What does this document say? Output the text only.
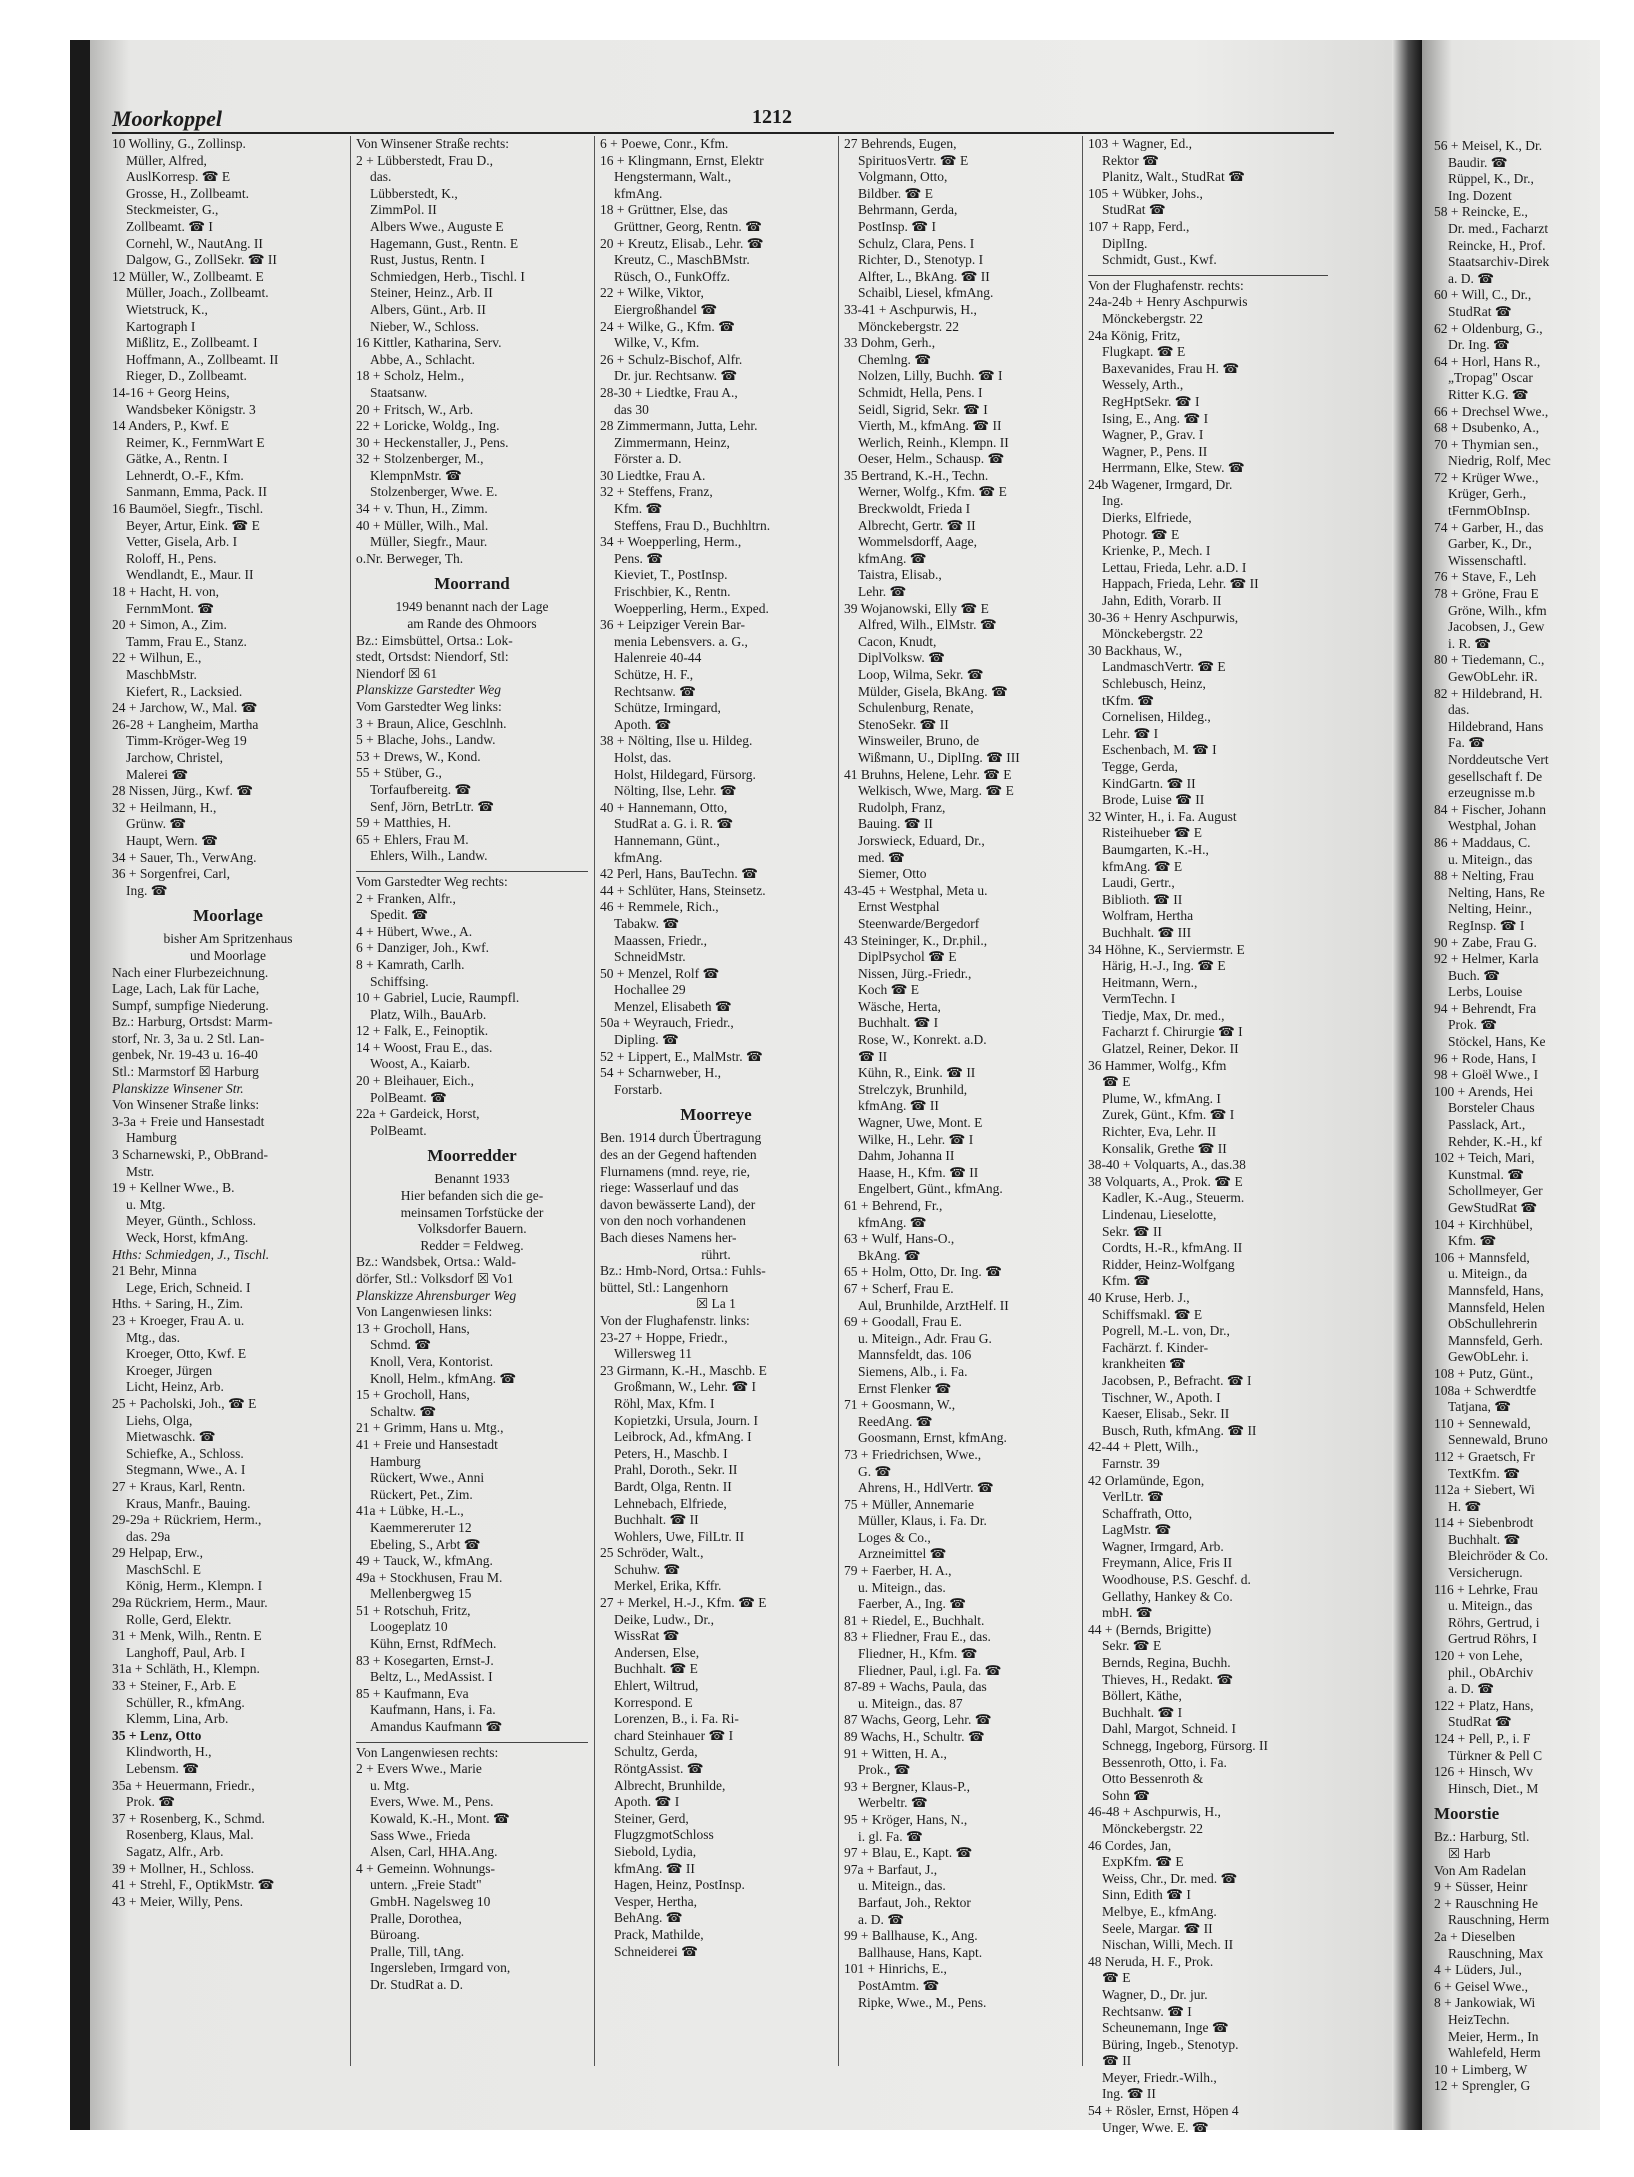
Moorkoppel	1212
10 Wolliny, G., Zollinsp.
Müller, Alfred,
AuslKorresp. ☎ E
Grosse, H., Zollbeamt.
Steckmeister, G.,
Zollbeamt. ☎ I
Cornehl, W., NautAng. II
Dalgow, G., ZollSekr. ☎ II
12 Müller, W., Zollbeamt. E
Müller, Joach., Zollbeamt.
Wietstruck, K.,
Kartograph I
Mißlitz, E., Zollbeamt. I
Hoffmann, A., Zollbeamt. II
Rieger, D., Zollbeamt.
14-16 + Georg Heins,
Wandsbeker Königstr. 3
14 Anders, P., Kwf. E
Reimer, K., FernmWart E
Gätke, A., Rentn. I
Lehnerdt, O.-F., Kfm.
Sanmann, Emma, Pack. II
16 Baumöel, Siegfr., Tischl.
Beyer, Artur, Eink. ☎ E
Vetter, Gisela, Arb. I
Roloff, H., Pens.
Wendlandt, E., Maur. II
18 + Hacht, H. von,
FernmMont. ☎
20 + Simon, A., Zim.
Tamm, Frau E., Stanz.
22 + Wilhun, E.,
MaschbMstr.
Kiefert, R., Lacksied.
24 + Jarchow, W., Mal. ☎
26-28 + Langheim, Martha
Timm-Kröger-Weg 19
Jarchow, Christel,
Malerei ☎
28 Nissen, Jürg., Kwf. ☎
32 + Heilmann, H.,
Grünw. ☎
Haupt, Wern. ☎
34 + Sauer, Th., VerwAng.
36 + Sorgenfrei, Carl,
Ing. ☎
Moorlage
bisher Am Spritzenhaus
und Moorlage
Nach einer Flurbezeichnung.
Lage, Lach, Lak für Lache,
Sumpf, sumpfige Niederung.
Bz.: Harburg, Ortsdst: Marm-
storf, Nr. 3, 3a u. 2 Stl. Lan-
genbek, Nr. 19-43 u. 16-40
Stl.: Marmstorf ☒ Harburg
Planskizze Winsener Str.
Von Winsener Straße links:
3-3a + Freie und Hansestadt
Hamburg
3 Scharnewski, P., ObBrand-
Mstr.
19 + Kellner Wwe., B.
u. Mtg.
Meyer, Günth., Schloss.
Weck, Horst, kfmAng.
Hths: Schmiedgen, J., Tischl.
21 Behr, Minna
Lege, Erich, Schneid. I
Hths. + Saring, H., Zim.
23 + Kroeger, Frau A. u.
Mtg., das.
Kroeger, Otto, Kwf. E
Kroeger, Jürgen
Licht, Heinz, Arb.
25 + Pacholski, Joh., ☎ E
Liehs, Olga,
Mietwaschk. ☎
Schiefke, A., Schloss.
Stegmann, Wwe., A. I
27 + Kraus, Karl, Rentn.
Kraus, Manfr., Bauing.
29-29a + Rückriem, Herm.,
das. 29a
29 Helpap, Erw.,
MaschSchl. E
König, Herm., Klempn. I
29a Rückriem, Herm., Maur.
Rolle, Gerd, Elektr.
31 + Menk, Wilh., Rentn. E
Langhoff, Paul, Arb. I
31a + Schläth, H., Klempn.
33 + Steiner, F., Arb. E
Schüller, R., kfmAng.
Klemm, Lina, Arb.
35 + Lenz, Otto
Klindworth, H.,
Lebensm. ☎
35a + Heuermann, Friedr.,
Prok. ☎
37 + Rosenberg, K., Schmd.
Rosenberg, Klaus, Mal.
Sagatz, Alfr., Arb.
39 + Mollner, H., Schloss.
41 + Strehl, F., OptikMstr. ☎
43 + Meier, Willy, Pens.
Von Winsener Straße rechts:
2 + Lübberstedt, Frau D.,
das.
Lübberstedt, K.,
ZimmPol. II
Albers Wwe., Auguste E
Hagemann, Gust., Rentn. E
Rust, Justus, Rentn. I
Schmiedgen, Herb., Tischl. I
Steiner, Heinz., Arb. II
Albers, Günt., Arb. II
Nieber, W., Schloss.
16 Kittler, Katharina, Serv.
Abbe, A., Schlacht.
18 + Scholz, Helm.,
Staatsanw.
20 + Fritsch, W., Arb.
22 + Loricke, Woldg., Ing.
30 + Heckenstaller, J., Pens.
32 + Stolzenberger, M.,
KlempnMstr. ☎
Stolzenberger, Wwe. E.
34 + v. Thun, H., Zimm.
40 + Müller, Wilh., Mal.
Müller, Siegfr., Maur.
o.Nr. Berweger, Th.
Moorrand
1949 benannt nach der Lage
am Rande des Ohmoors
Bz.: Eimsbüttel, Ortsa.: Lok-
stedt, Ortsdst: Niendorf, Stl:
Niendorf ☒ 61
Planskizze Garstedter Weg
Vom Garstedter Weg links:
3 + Braun, Alice, Geschlnh.
5 + Blache, Johs., Landw.
53 + Drews, W., Kond.
55 + Stüber, G.,
Torfaufbereitg. ☎
Senf, Jörn, BetrLtr. ☎
59 + Matthies, H.
65 + Ehlers, Frau M.
Ehlers, Wilh., Landw.
Vom Garstedter Weg rechts:
2 + Franken, Alfr.,
Spedit. ☎
4 + Hübert, Wwe., A.
6 + Danziger, Joh., Kwf.
8 + Kamrath, Carlh.
Schiffsing.
10 + Gabriel, Lucie, Raumpfl.
Platz, Wilh., BauArb.
12 + Falk, E., Feinoptik.
14 + Woost, Frau E., das.
Woost, A., Kaiarb.
20 + Bleihauer, Eich.,
PolBeamt. ☎
22a + Gardeick, Horst,
PolBeamt.
Moorredder
Benannt 1933
Hier befanden sich die ge-
meinsamen Torfstücke der
Volksdorfer Bauern.
Redder = Feldweg.
Bz.: Wandsbek, Ortsa.: Wald-
dörfer, Stl.: Volksdorf ☒ Vo1
Planskizze Ahrensburger Weg
Von Langenwiesen links:
13 + Grocholl, Hans,
Schmd. ☎
Knoll, Vera, Kontorist.
Knoll, Helm., kfmAng. ☎
15 + Grocholl, Hans,
Schaltw. ☎
21 + Grimm, Hans u. Mtg.,
41 + Freie und Hansestadt
Hamburg
Rückert, Wwe., Anni
Rückert, Pet., Zim.
41a + Lübke, H.-L.,
Kaemmereruter 12
Ebeling, S., Arbt ☎
49 + Tauck, W., kfmAng.
49a + Stockhusen, Frau M.
Mellenbergweg 15
51 + Rotschuh, Fritz,
Loogeplatz 10
Kühn, Ernst, RdfMech.
83 + Kosegarten, Ernst-J.
Beltz, L., MedAssist. I
85 + Kaufmann, Eva
Kaufmann, Hans, i. Fa.
Amandus Kaufmann ☎
Von Langenwiesen rechts:
2 + Evers Wwe., Marie
u. Mtg.
Evers, Wwe. M., Pens.
Kowald, K.-H., Mont. ☎
Sass Wwe., Frieda
Alsen, Carl, HHA.Ang.
4 + Gemeinn. Wohnungs-
untern. „Freie Stadt"
GmbH. Nagelsweg 10
Pralle, Dorothea,
Büroang.
Pralle, Till, tAng.
Ingersleben, Irmgard von,
Dr. StudRat a. D.
6 + Poewe, Conr., Kfm.
16 + Klingmann, Ernst, Elektr
Hengstermann, Walt.,
kfmAng.
18 + Grüttner, Else, das
Grüttner, Georg, Rentn. ☎
20 + Kreutz, Elisab., Lehr. ☎
Kreutz, C., MaschBMstr.
Rüsch, O., FunkOffz.
22 + Wilke, Viktor,
Eiergroßhandel ☎
24 + Wilke, G., Kfm. ☎
Wilke, V., Kfm.
26 + Schulz-Bischof, Alfr.
Dr. jur. Rechtsanw. ☎
28-30 + Liedtke, Frau A.,
das 30
28 Zimmermann, Jutta, Lehr.
Zimmermann, Heinz,
Förster a. D.
30 Liedtke, Frau A.
32 + Steffens, Franz,
Kfm. ☎
Steffens, Frau D., Buchhltrn.
34 + Woepperling, Herm.,
Pens. ☎
Kieviet, T., PostInsp.
Frischbier, K., Rentn.
Woepperling, Herm., Exped.
36 + Leipziger Verein Bar-
menia Lebensvers. a. G.,
Halenreie 40-44
Schütze, H. F.,
Rechtsanw. ☎
Schütze, Irmingard,
Apoth. ☎
38 + Nölting, Ilse u. Hildeg.
Holst, das.
Holst, Hildegard, Fürsorg.
Nölting, Ilse, Lehr. ☎
40 + Hannemann, Otto,
StudRat a. G. i. R. ☎
Hannemann, Günt.,
kfmAng.
42 Perl, Hans, BauTechn. ☎
44 + Schlüter, Hans, Steinsetz.
46 + Remmele, Rich.,
Tabakw. ☎
Maassen, Friedr.,
SchneidMstr.
50 + Menzel, Rolf ☎
Hochallee 29
Menzel, Elisabeth ☎
50a + Weyrauch, Friedr.,
Dipling. ☎
52 + Lippert, E., MalMstr. ☎
54 + Scharnweber, H.,
Forstarb.
Moorreye
Ben. 1914 durch Übertragung
des an der Gegend haftenden
Flurnamens (mnd. reye, rie,
riege: Wasserlauf und das
davon bewässerte Land), der
von den noch vorhandenen
Bach dieses Namens her-
rührt.
Bz.: Hmb-Nord, Ortsa.: Fuhls-
büttel, Stl.: Langenhorn
☒ La 1
Von der Flughafenstr. links:
23-27 + Hoppe, Friedr.,
Willersweg 11
23 Girmann, K.-H., Maschb. E
Großmann, W., Lehr. ☎ I
Röhl, Max, Kfm. I
Kopietzki, Ursula, Journ. I
Leibrock, Ad., kfmAng. I
Peters, H., Maschb. I
Prahl, Doroth., Sekr. II
Bardt, Olga, Rentn. II
Lehnebach, Elfriede,
Buchhalt. ☎ II
Wohlers, Uwe, FilLtr. II
25 Schröder, Walt.,
Schuhw. ☎
Merkel, Erika, Kffr.
27 + Merkel, H.-J., Kfm. ☎ E
Deike, Ludw., Dr.,
WissRat ☎
Andersen, Else,
Buchhalt. ☎ E
Ehlert, Wiltrud,
Korrespond. E
Lorenzen, B., i. Fa. Ri-
chard Steinhauer ☎ I
Schultz, Gerda,
RöntgAssist. ☎
Albrecht, Brunhilde,
Apoth. ☎ I
Steiner, Gerd,
FlugzgmotSchloss
Siebold, Lydia,
kfmAng. ☎ II
Hagen, Heinz, PostInsp.
Vesper, Hertha,
BehAng. ☎
Prack, Mathilde,
Schneiderei ☎
27 Behrends, Eugen,
SpirituosVertr. ☎ E
Volgmann, Otto,
Bildber. ☎ E
Behrmann, Gerda,
PostInsp. ☎ I
Schulz, Clara, Pens. I
Richter, D., Stenotyp. I
Alfter, L., BkAng. ☎ II
Schaibl, Liesel, kfmAng.
33-41 + Aschpurwis, H.,
Mönckebergstr. 22
33 Dohm, Gerh.,
Chemlng. ☎
Nolzen, Lilly, Buchh. ☎ I
Schmidt, Hella, Pens. I
Seidl, Sigrid, Sekr. ☎ I
Vierth, M., kfmAng. ☎ II
Werlich, Reinh., Klempn. II
Oeser, Helm., Schausp. ☎
35 Bertrand, K.-H., Techn.
Werner, Wolfg., Kfm. ☎ E
Breckwoldt, Frieda I
Albrecht, Gertr. ☎ II
Wommelsdorff, Aage,
kfmAng. ☎
Taistra, Elisab.,
Lehr. ☎
39 Wojanowski, Elly ☎ E
Alfred, Wilh., ElMstr. ☎
Cacon, Knudt,
DiplVolksw. ☎
Loop, Wilma, Sekr. ☎
Mülder, Gisela, BkAng. ☎
Schulenburg, Renate,
StenoSekr. ☎ II
Winsweiler, Bruno, de
Wißmann, U., DiplIng. ☎ III
41 Bruhns, Helene, Lehr. ☎ E
Welkisch, Wwe, Marg. ☎ E
Rudolph, Franz,
Bauing. ☎ II
Jorswieck, Eduard, Dr.,
med. ☎
Siemer, Otto
43-45 + Westphal, Meta u.
Ernst Westphal
Steenwarde/Bergedorf
43 Steininger, K., Dr.phil.,
DiplPsychol ☎ E
Nissen, Jürg.-Friedr.,
Koch ☎ E
Wäsche, Herta,
Buchhalt. ☎ I
Rose, W., Konrekt. a.D.
☎ II
Kühn, R., Eink. ☎ II
Strelczyk, Brunhild,
kfmAng. ☎ II
Wagner, Uwe, Mont. E
Wilke, H., Lehr. ☎ I
Dahm, Johanna II
Haase, H., Kfm. ☎ II
Engelbert, Günt., kfmAng.
61 + Behrend, Fr.,
kfmAng. ☎
63 + Wulf, Hans-O.,
BkAng. ☎
65 + Holm, Otto, Dr. Ing. ☎
67 + Scherf, Frau E.
Aul, Brunhilde, ArztHelf. II
69 + Goodall, Frau E.
u. Miteign., Adr. Frau G.
Mannsfeldt, das. 106
Siemens, Alb., i. Fa.
Ernst Flenker ☎
71 + Goosmann, W.,
ReedAng. ☎
Goosmann, Ernst, kfmAng.
73 + Friedrichsen, Wwe.,
G. ☎
Ahrens, H., HdlVertr. ☎
75 + Müller, Annemarie
Müller, Klaus, i. Fa. Dr.
Loges & Co.,
Arzneimittel ☎
79 + Faerber, H. A.,
u. Miteign., das.
Faerber, A., Ing. ☎
81 + Riedel, E., Buchhalt.
83 + Fliedner, Frau E., das.
Fliedner, H., Kfm. ☎
Fliedner, Paul, i.gl. Fa. ☎
87-89 + Wachs, Paula, das
u. Miteign., das. 87
87 Wachs, Georg, Lehr. ☎
89 Wachs, H., Schultr. ☎
91 + Witten, H. A.,
Prok., ☎
93 + Bergner, Klaus-P.,
Werbeltr. ☎
95 + Kröger, Hans, N.,
i. gl. Fa. ☎
97 + Blau, E., Kapt. ☎
97a + Barfaut, J.,
u. Miteign., das.
Barfaut, Joh., Rektor
a. D. ☎
99 + Ballhause, K., Ang.
Ballhause, Hans, Kapt.
101 + Hinrichs, E.,
PostAmtm. ☎
Ripke, Wwe., M., Pens.
103 + Wagner, Ed.,
Rektor ☎
Planitz, Walt., StudRat ☎
105 + Wübker, Johs.,
StudRat ☎
107 + Rapp, Ferd.,
DiplIng.
Schmidt, Gust., Kwf.
Von der Flughafenstr. rechts:
24a-24b + Henry Aschpurwis
Mönckebergstr. 22
24a König, Fritz,
Flugkapt. ☎ E
Baxevanides, Frau H. ☎
Wessely, Arth.,
RegHptSekr. ☎ I
Ising, E., Ang. ☎ I
Wagner, P., Grav. I
Wagner, P., Pens. II
Herrmann, Elke, Stew. ☎
24b Wagener, Irmgard, Dr.
Ing.
Dierks, Elfriede,
Photogr. ☎ E
Krienke, P., Mech. I
Lettau, Frieda, Lehr. a.D. I
Happach, Frieda, Lehr. ☎ II
Jahn, Edith, Vorarb. II
30-36 + Henry Aschpurwis,
Mönckebergstr. 22
30 Backhaus, W.,
LandmaschVertr. ☎ E
Schlebusch, Heinz,
tKfm. ☎
Cornelisen, Hildeg.,
Lehr. ☎ I
Eschenbach, M. ☎ I
Tegge, Gerda,
KindGartn. ☎ II
Brode, Luise ☎ II
32 Winter, H., i. Fa. August
Risteihueber ☎ E
Baumgarten, K.-H.,
kfmAng. ☎ E
Laudi, Gertr.,
Biblioth. ☎ II
Wolfram, Hertha
Buchhalt. ☎ III
34 Höhne, K., Serviermstr. E
Härig, H.-J., Ing. ☎ E
Heitmann, Wern.,
VermTechn. I
Tiedje, Max, Dr. med.,
Facharzt f. Chirurgie ☎ I
Glatzel, Reiner, Dekor. II
36 Hammer, Wolfg., Kfm
☎ E
Plume, W., kfmAng. I
Zurek, Günt., Kfm. ☎ I
Richter, Eva, Lehr. II
Konsalik, Grethe ☎ II
38-40 + Volquarts, A., das.38
38 Volquarts, A., Prok. ☎ E
Kadler, K.-Aug., Steuerm.
Lindenau, Lieselotte,
Sekr. ☎ II
Cordts, H.-R., kfmAng. II
Ridder, Heinz-Wolfgang
Kfm. ☎
40 Kruse, Herb. J.,
Schiffsmakl. ☎ E
Pogrell, M.-L. von, Dr.,
Fachärzt. f. Kinder-
krankheiten ☎
Jacobsen, P., Befracht. ☎ I
Tischner, W., Apoth. I
Kaeser, Elisab., Sekr. II
Busch, Ruth, kfmAng. ☎ II
42-44 + Plett, Wilh.,
Farnstr. 39
42 Orlamünde, Egon,
VerlLtr. ☎
Schaffrath, Otto,
LagMstr. ☎
Wagner, Irmgard, Arb.
Freymann, Alice, Fris II
Woodhouse, P.S. Geschf. d.
Gellathy, Hankey & Co.
mbH. ☎
44 + (Bernds, Brigitte)
Sekr. ☎ E
Bernds, Regina, Buchh.
Thieves, H., Redakt. ☎
Böllert, Käthe,
Buchhalt. ☎ I
Dahl, Margot, Schneid. I
Schnegg, Ingeborg, Fürsorg. II
Bessenroth, Otto, i. Fa.
Otto Bessenroth &
Sohn ☎
46-48 + Aschpurwis, H.,
Mönckebergstr. 22
46 Cordes, Jan,
ExpKfm. ☎ E
Weiss, Chr., Dr. med. ☎
Sinn, Edith ☎ I
Melbye, E., kfmAng.
Seele, Margar. ☎ II
Nischan, Willi, Mech. II
48 Neruda, H. F., Prok.
☎ E
Wagner, D., Dr. jur.
Rechtsanw. ☎ I
Scheunemann, Inge ☎
Büring, Ingeb., Stenotyp.
☎ II
Meyer, Friedr.-Wilh.,
Ing. ☎ II
54 + Rösler, Ernst, Höpen 4
Unger, Wwe. E. ☎
56 + Meisel, K., Dr.
Baudir. ☎
Rüppel, K., Dr.,
Ing. Dozent
58 + Reincke, E.,
Dr. med., Facharzt
Reincke, H., Prof.
Staatsarchiv-Direk
a. D. ☎
60 + Will, C., Dr.,
StudRat ☎
62 + Oldenburg, G.,
Dr. Ing. ☎
64 + Horl, Hans R.,
„Tropag" Oscar
Ritter K.G. ☎
66 + Drechsel Wwe.,
68 + Dsubenko, A.,
70 + Thymian sen.,
Niedrig, Rolf, Mec
72 + Krüger Wwe.,
Krüger, Gerh.,
tFernmObInsp.
74 + Garber, H., das
Garber, K., Dr.,
Wissenschaftl.
76 + Stave, F., Leh
78 + Gröne, Frau E
Gröne, Wilh., kfm
Jacobsen, J., Gew
i. R. ☎
80 + Tiedemann, C.,
GewObLehr. iR.
82 + Hildebrand, H.
das.
Hildebrand, Hans
Fa. ☎
Norddeutsche Vert
gesellschaft f. De
erzeugnisse m.b
84 + Fischer, Johann
Westphal, Johan
86 + Maddaus, C.
u. Miteign., das
88 + Nelting, Frau
Nelting, Hans, Re
Nelting, Heinr.,
RegInsp. ☎ I
90 + Zabe, Frau G.
92 + Helmer, Karla
Buch. ☎
Lerbs, Louise
94 + Behrendt, Fra
Prok. ☎
Stöckel, Hans, Ke
96 + Rode, Hans, I
98 + Gloël Wwe., I
100 + Arends, Hei
Borsteler Chaus
Passlack, Art.,
Rehder, K.-H., kf
102 + Teich, Mari,
Kunstmal. ☎
Schollmeyer, Ger
GewStudRat ☎
104 + Kirchhübel,
Kfm. ☎
106 + Mannsfeld,
u. Miteign., da
Mannsfeld, Hans,
Mannsfeld, Helen
ObSchullehrerin
Mannsfeld, Gerh.
GewObLehr. i.
108 + Putz, Günt.,
108a + Schwerdtfe
Tatjana, ☎
110 + Sennewald,
Sennewald, Bruno
112 + Graetsch, Fr
TextKfm. ☎
112a + Siebert, Wi
H. ☎
114 + Siebenbrodt
Buchhalt. ☎
Bleichröder & Co.
Versicherugn.
116 + Lehrke, Frau
u. Miteign., das
Röhrs, Gertrud, i
Gertrud Röhrs, I
120 + von Lehe,
phil., ObArchiv
a. D. ☎
122 + Platz, Hans,
StudRat ☎
124 + Pell, P., i. F
Türkner & Pell C
126 + Hinsch, Wv
Hinsch, Diet., M
Moorstie
Bz.: Harburg, Stl.
☒ Harb
Von Am Radelan
9 + Süsser, Heinr
2 + Rauschning He
Rauschning, Herm
2a + Dieselben
Rauschning, Max
4 + Lüders, Jul.,
6 + Geisel Wwe.,
8 + Jankowiak, Wi
HeizTechn.
Meier, Herm., In
Wahlefeld, Herm
10 + Limberg, W
12 + Sprengler, G
